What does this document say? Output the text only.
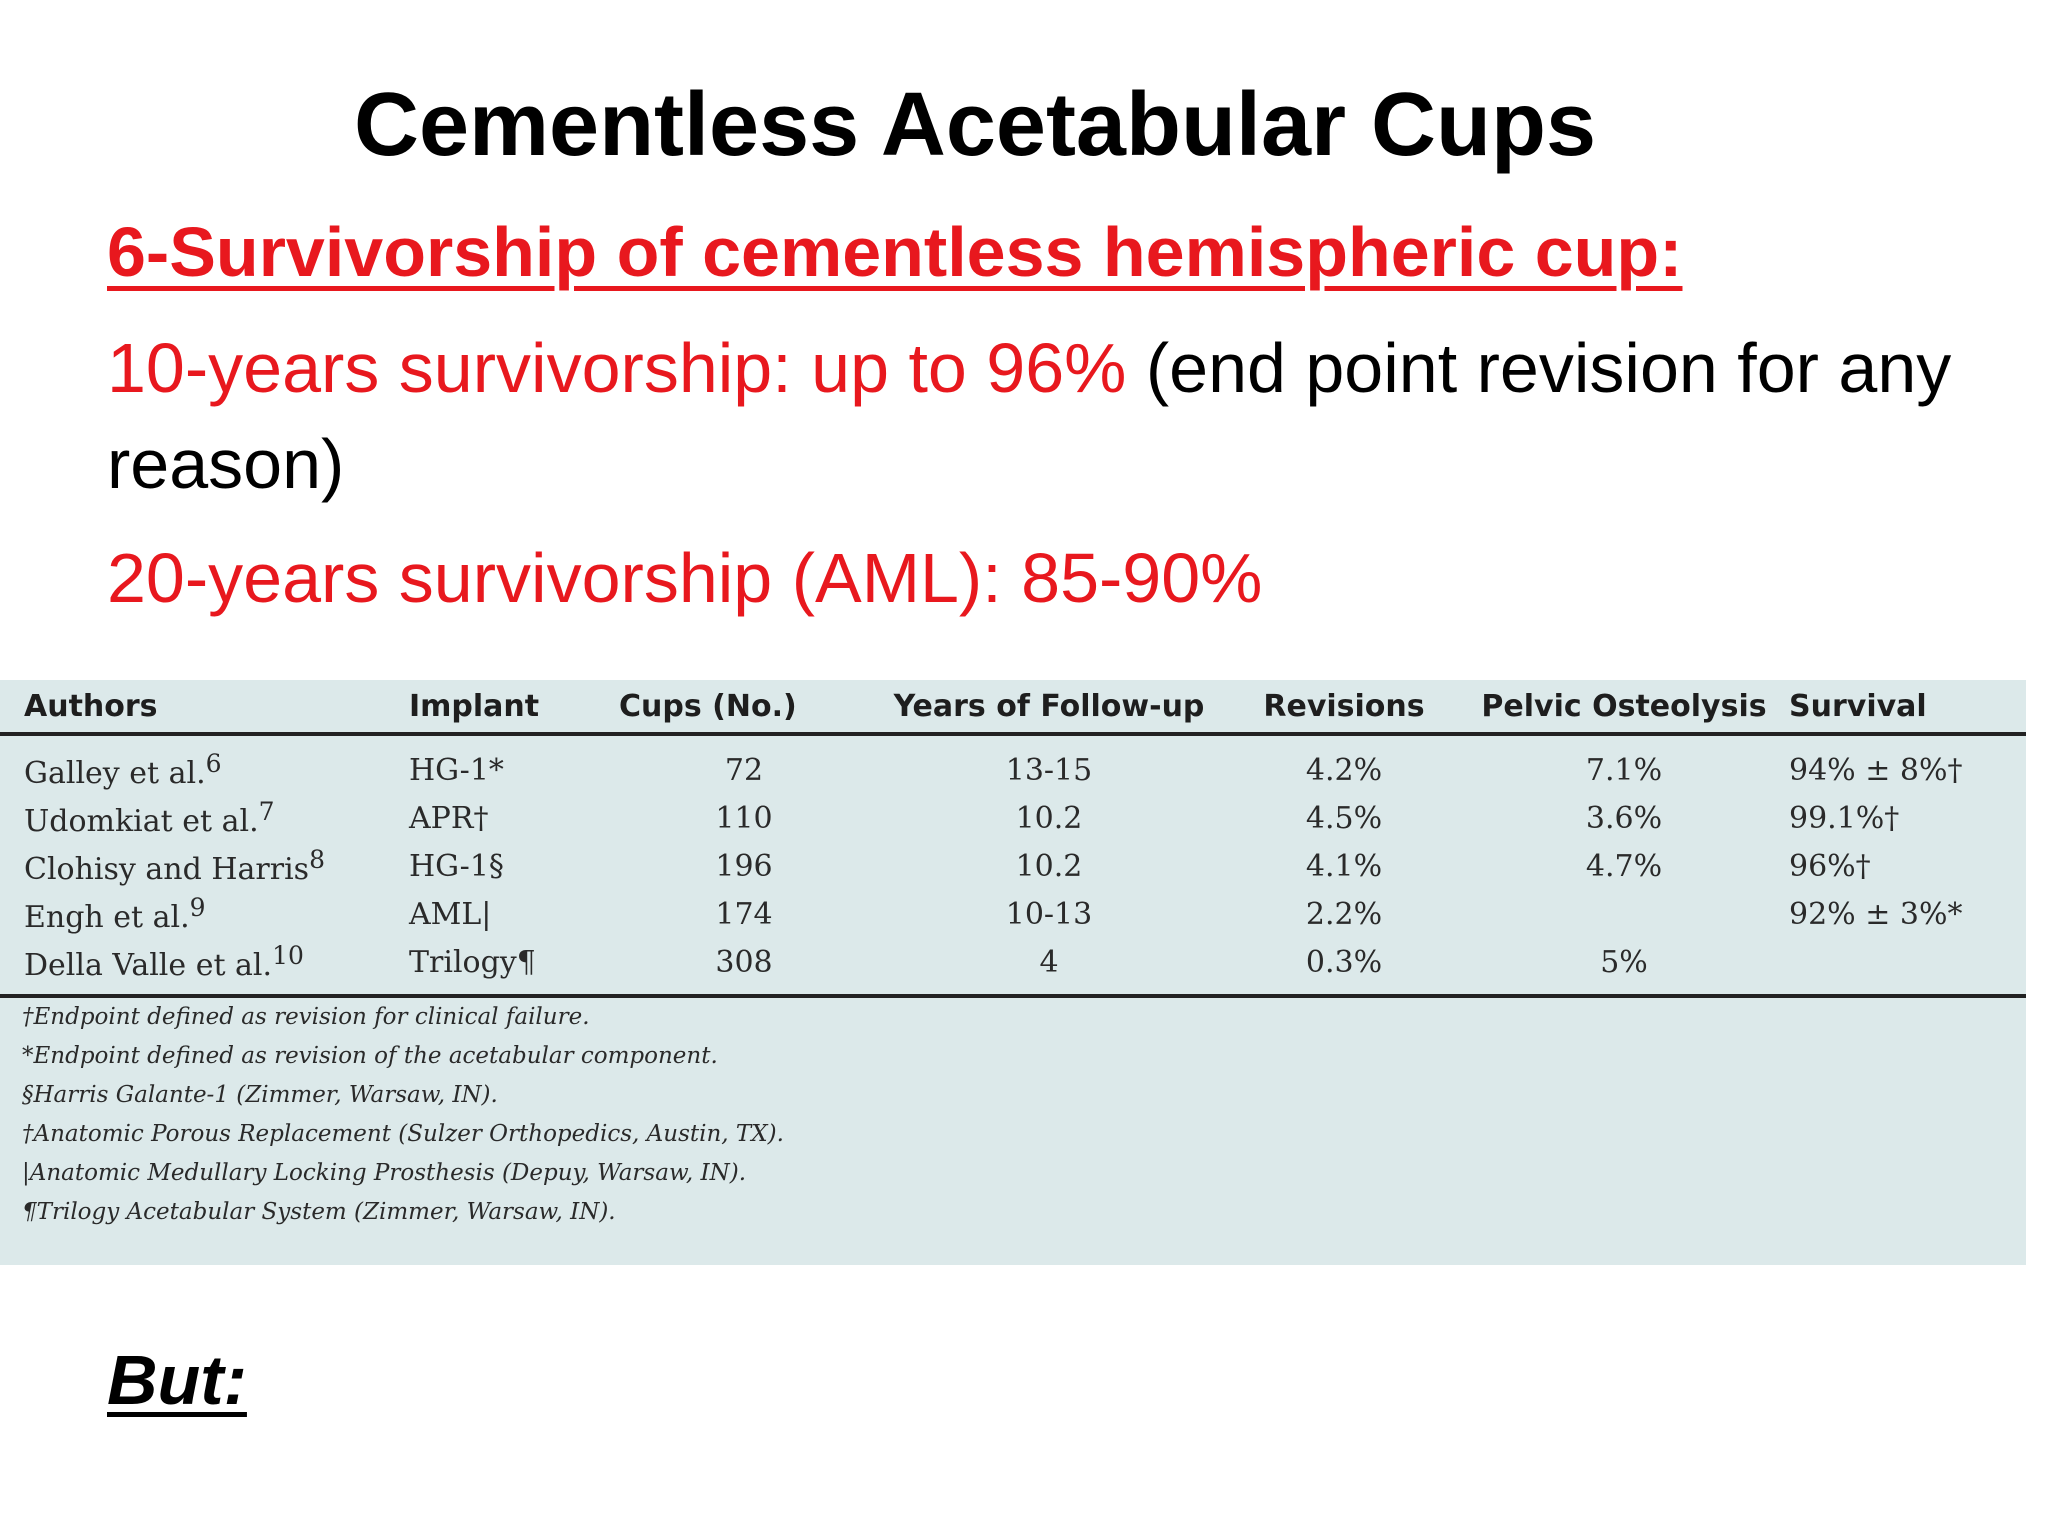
Cementless Acetabular Cups

6-Survivorship of cementless hemispheric cup:

10-years survivorship: up to 96% (end point revision for any reason)

20-years survivorship (AML): 85-90%

Authors	Implant	Cups (No.)	Years of Follow-up	Revisions	Pelvic Osteolysis	Survival
Galley et al.$^6$	HG-1*	72	13-15	4.2%	7.1%	94% ± 8%†
Udomkiat et al.$^7$	APR†	110	10.2	4.5%	3.6%	99.1%†
Clohisy and Harris$^8$	HG-1§	196	10.2	4.1%	4.7%	96%†
Engh et al.$^9$	AML|	174	10-13	2.2%		92% ± 3%*
Della Valle et al.$^{10}$	Trilogy¶	308	4	0.3%	5%	
†Endpoint defined as revision for clinical failure.
*Endpoint defined as revision of the acetabular component.
§Harris Galante-1 (Zimmer, Warsaw, IN).
†Anatomic Porous Replacement (Sulzer Orthopedics, Austin, TX).
|Anatomic Medullary Locking Prosthesis (Depuy, Warsaw, IN).
¶Trilogy Acetabular System (Zimmer, Warsaw, IN).

But:
